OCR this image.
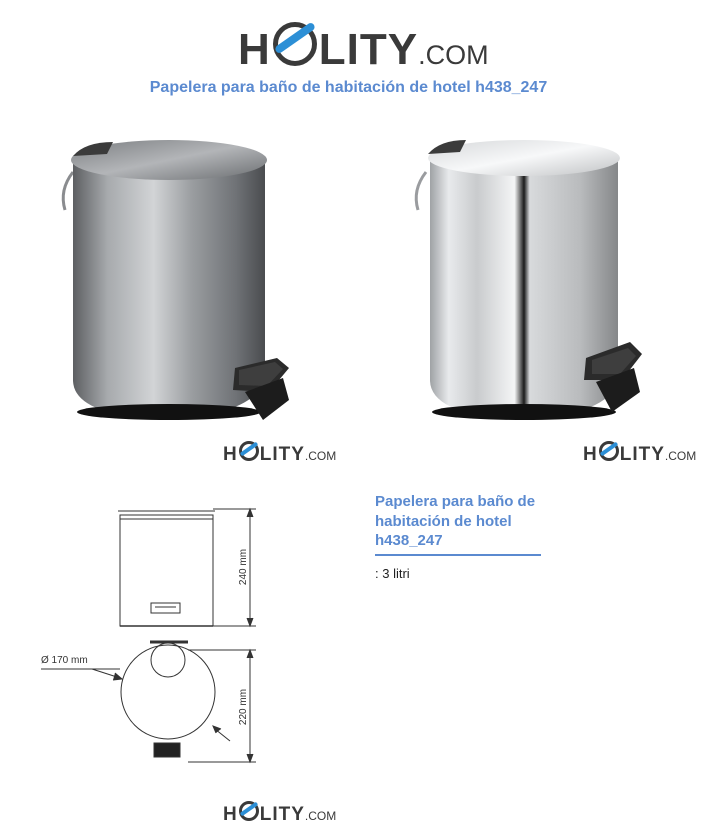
H LITY .COM
Papelera para baño de habitación de hotel h438_247
H LITY .COM	H LITY .COM
240 mm
Ø 170 mm
220 mm
Papelera para baño de habitación de hotel h438_247
: 3 litri
H LITY .COM
